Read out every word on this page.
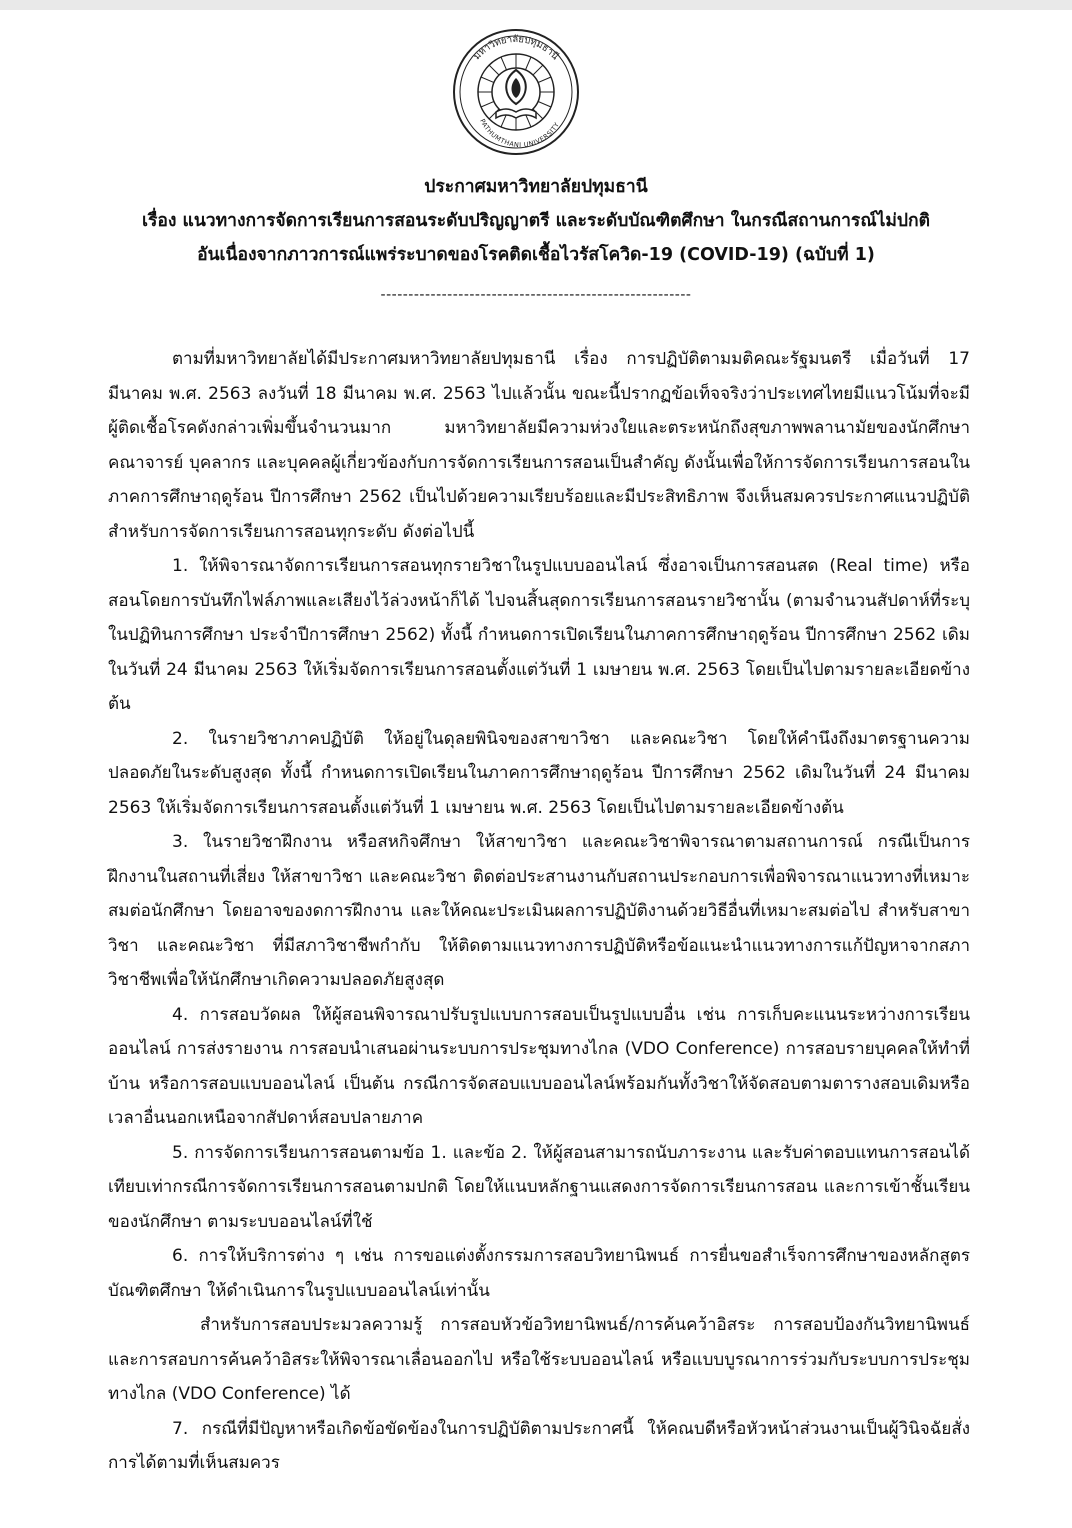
มหาวิทยาลัยปทุมธานี
PATHUMTHANI UNIVERSITY
ประกาศมหาวิทยาลัยปทุมธานี
เรื่อง แนวทางการจัดการเรียนการสอนระดับปริญญาตรี และระดับบัณฑิตศึกษา ในกรณีสถานการณ์ไม่ปกติ
อันเนื่องจากภาวการณ์แพร่ระบาดของโรคติดเชื้อไวรัสโควิด-19 (COVID-19) (ฉบับที่ 1)
--------------------------------------------------------

ตามที่มหาวิทยาลัยได้มีประกาศมหาวิทยาลัยปทุมธานี เรื่อง การปฏิบัติตามมติคณะรัฐมนตรี เมื่อวันที่ 17 มีนาคม พ.ศ. 2563 ลงวันที่ 18 มีนาคม พ.ศ. 2563 ไปแล้วนั้น ขณะนี้ปรากฏข้อเท็จจริงว่าประเทศไทยมีแนวโน้มที่จะมีผู้ติดเชื้อโรคดังกล่าวเพิ่มขึ้นจำนวนมาก มหาวิทยาลัยมีความห่วงใยและตระหนักถึงสุขภาพพลานามัยของนักศึกษา คณาจารย์ บุคลากร และบุคคลผู้เกี่ยวข้องกับการจัดการเรียนการสอนเป็นสำคัญ ดังนั้นเพื่อให้การจัดการเรียนการสอนในภาคการศึกษาฤดูร้อน ปีการศึกษา 2562 เป็นไปด้วยความเรียบร้อยและมีประสิทธิภาพ จึงเห็นสมควรประกาศแนวปฏิบัติสำหรับการจัดการเรียนการสอนทุกระดับ ดังต่อไปนี้

1. ให้พิจารณาจัดการเรียนการสอนทุกรายวิชาในรูปแบบออนไลน์ ซึ่งอาจเป็นการสอนสด (Real time) หรือสอนโดยการบันทึกไฟล์ภาพและเสียงไว้ล่วงหน้าก็ได้ ไปจนสิ้นสุดการเรียนการสอนรายวิชานั้น (ตามจำนวนสัปดาห์ที่ระบุในปฏิทินการศึกษา ประจำปีการศึกษา 2562) ทั้งนี้ กำหนดการเปิดเรียนในภาคการศึกษาฤดูร้อน ปีการศึกษา 2562 เดิมในวันที่ 24 มีนาคม 2563 ให้เริ่มจัดการเรียนการสอนตั้งแต่วันที่ 1 เมษายน พ.ศ. 2563 โดยเป็นไปตามรายละเอียดข้างต้น

2. ในรายวิชาภาคปฏิบัติ ให้อยู่ในดุลยพินิจของสาขาวิชา และคณะวิชา โดยให้คำนึงถึงมาตรฐานความปลอดภัยในระดับสูงสุด ทั้งนี้ กำหนดการเปิดเรียนในภาคการศึกษาฤดูร้อน ปีการศึกษา 2562 เดิมในวันที่ 24 มีนาคม 2563 ให้เริ่มจัดการเรียนการสอนตั้งแต่วันที่ 1 เมษายน พ.ศ. 2563 โดยเป็นไปตามรายละเอียดข้างต้น

3. ในรายวิชาฝึกงาน หรือสหกิจศึกษา ให้สาขาวิชา และคณะวิชาพิจารณาตามสถานการณ์ กรณีเป็นการฝึกงานในสถานที่เสี่ยง ให้สาขาวิชา และคณะวิชา ติดต่อประสานงานกับสถานประกอบการเพื่อพิจารณาแนวทางที่เหมาะสมต่อนักศึกษา โดยอาจของดการฝึกงาน และให้คณะประเมินผลการปฏิบัติงานด้วยวิธีอื่นที่เหมาะสมต่อไป สำหรับสาขาวิชา และคณะวิชา ที่มีสภาวิชาชีพกำกับ ให้ติดตามแนวทางการปฏิบัติหรือข้อแนะนำแนวทางการแก้ปัญหาจากสภาวิชาชีพเพื่อให้นักศึกษาเกิดความปลอดภัยสูงสุด

4. การสอบวัดผล ให้ผู้สอนพิจารณาปรับรูปแบบการสอบเป็นรูปแบบอื่น เช่น การเก็บคะแนนระหว่างการเรียนออนไลน์ การส่งรายงาน การสอบนำเสนอผ่านระบบการประชุมทางไกล (VDO Conference) การสอบรายบุคคลให้ทำที่บ้าน หรือการสอบแบบออนไลน์ เป็นต้น กรณีการจัดสอบแบบออนไลน์พร้อมกันทั้งวิชาให้จัดสอบตามตารางสอบเดิมหรือเวลาอื่นนอกเหนือจากสัปดาห์สอบปลายภาค

5. การจัดการเรียนการสอนตามข้อ 1. และข้อ 2. ให้ผู้สอนสามารถนับภาระงาน และรับค่าตอบแทนการสอนได้เทียบเท่ากรณีการจัดการเรียนการสอนตามปกติ โดยให้แนบหลักฐานแสดงการจัดการเรียนการสอน และการเข้าชั้นเรียนของนักศึกษา ตามระบบออนไลน์ที่ใช้

6. การให้บริการต่าง ๆ เช่น การขอแต่งตั้งกรรมการสอบวิทยานิพนธ์ การยื่นขอสำเร็จการศึกษาของหลักสูตรบัณฑิตศึกษา ให้ดำเนินการในรูปแบบออนไลน์เท่านั้น

สำหรับการสอบประมวลความรู้ การสอบหัวข้อวิทยานิพนธ์/การค้นคว้าอิสระ การสอบป้องกันวิทยานิพนธ์ และการสอบการค้นคว้าอิสระให้พิจารณาเลื่อนออกไป หรือใช้ระบบออนไลน์ หรือแบบบูรณาการร่วมกับระบบการประชุมทางไกล (VDO Conference) ได้

7. กรณีที่มีปัญหาหรือเกิดข้อขัดข้องในการปฏิบัติตามประกาศนี้ ให้คณบดีหรือหัวหน้าส่วนงานเป็นผู้วินิจฉัยสั่งการได้ตามที่เห็นสมควร
